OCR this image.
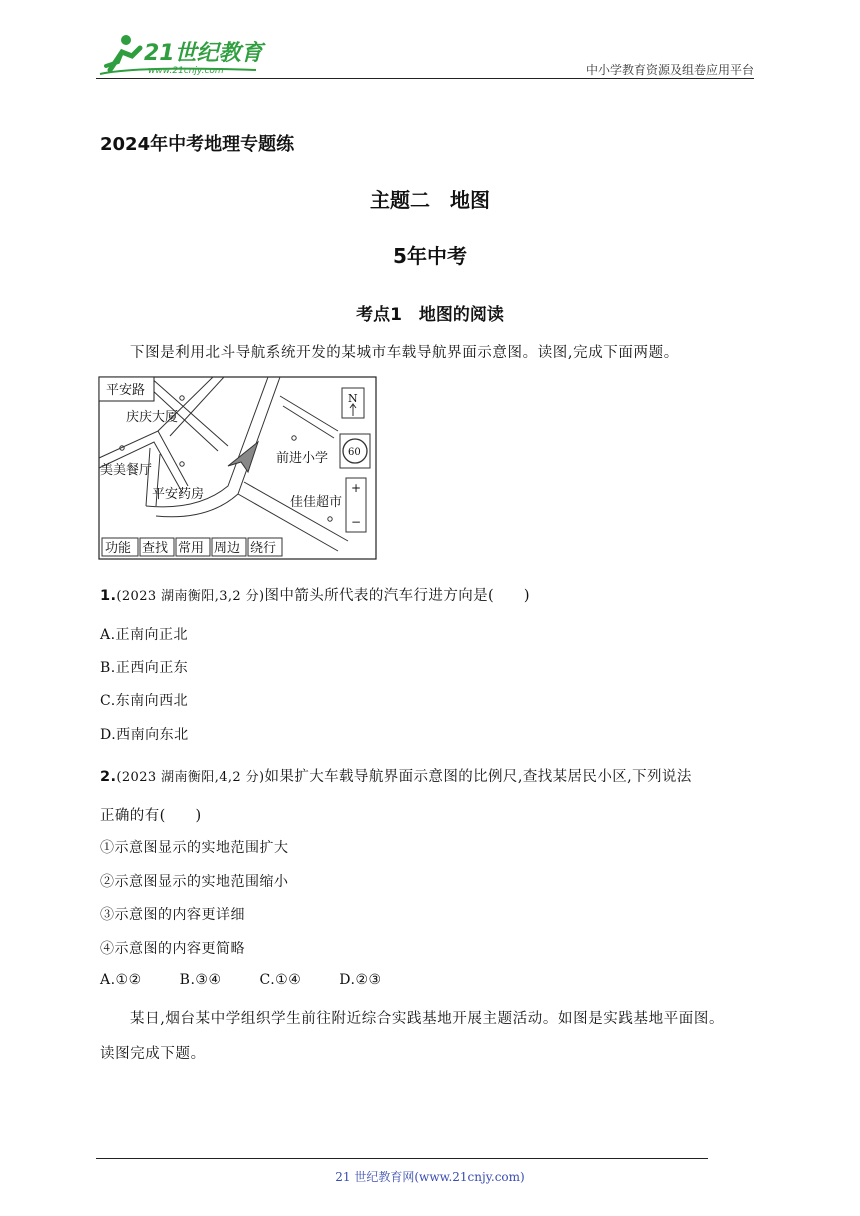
21世纪教育
www.21cnjy.com	中小学教育资源及组卷应用平台
2024年中考地理专题练
主题二　地图
5年中考
考点1　地图的阅读
下图是利用北斗导航系统开发的某城市车载导航界面示意图。读图,完成下面两题。
平安路
庆庆大厦
美美餐厅
平安药房
前进小学
佳佳超市
N
60
+
−
功能 查找 常用 周边 绕行
1.(2023 湖南衡阳,3,2 分)图中箭头所代表的汽车行进方向是(　　)
A.正南向正北
B.正西向正东
C.东南向西北
D.西南向东北
2.(2023 湖南衡阳,4,2 分)如果扩大车载导航界面示意图的比例尺,查找某居民小区,下列说法
正确的有(　　)
①示意图显示的实地范围扩大
②示意图显示的实地范围缩小
③示意图的内容更详细
④示意图的内容更简略
A.①②	B.③④	C.①④	D.②③
某日,烟台某中学组织学生前往附近综合实践基地开展主题活动。如图是实践基地平面图。
读图完成下题。
21 世纪教育网(www.21cnjy.com)
